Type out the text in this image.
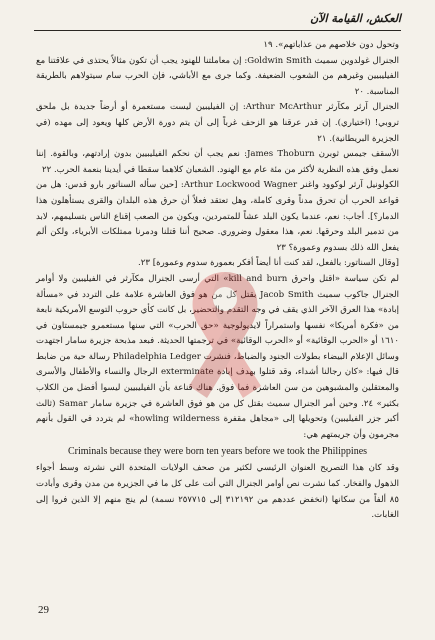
العكش، القيامة الآن

وتحول دون خلاصهم من عذاباتهم». ١٩

الجنرال غولدوين سميث Goldwin Smith: إن معاملتنا للهنود يجب أن تكون مثالاً يحتذى في علاقتنا مع الفيليبيين وغيرهم من الشعوب الضعيفة. وكما جرى مع الأباشي، فإن الحرب سام سيتولاهم بالطريقة المناسبة. ٢٠

الجنرال آرثر مكآرثر Arthur McArthur: إن الفيليبين ليست مستعمرة أو أرضاً جديدة بل ملحق تروبي! (اختياري). إن قدر عرقنا هو الزحف غرباً إلى أن يتم دورة الأرض كلها ويعود إلى مهده (في الجزيرة البريطانية). ٢١

الأسقف جيمس ثوبرن James Thoburn: نعم يجب أن نحكم الفيليبيين بدون إرادتهم، وبالقوة. إننا نعمل وفق هذه النظرية لأكثر من مئة عام مع الهنود. الشعبان كلاهما سقطا في أيدينا بنعمة الحرب. ٢٢

الكولونيل آرثر لوكوود واغنر Arthur Lockwood Wagner: [حين سأله السناتور بارو قدس: هل من قواعد الحرب أن تحرق مدناً وقرى كاملة، وهل تعتقد فعلاً أن حرق هذه البلدان والقرى يستأهلون هذا الدمار؟]. أجاب: نعم، عندما يكون البلد عشاً للمتمردين، ويكون من الصعب إقناع الناس بتسليمهم، لابد من تدمير البلد وحرقها. نعم، هذا معقول وضروري. صحيح أننا قتلنا ودمرنا ممتلكات الأبرياء، ولكن ألم يفعل الله ذلك بسدوم وعمورة؟ ٢٣

[وقال السناتور: بالفعل، لقد كنت أنا أيضاً أفكر بعمورة سدوم وعمورة] ٢٣.

لم تكن سياسة «اقتل واحرق kill and burn» التي أرسى الجنرال مكآرثر في الفيليبين ولا أوامر الجنرال جاكوب سميث Jacob Smith بقتل كل من هو فوق العاشرة علامة على التردد في «مسألة إبادة» هذا العرق الآخر الذي يقف في وجه التقدم والتحضير، بل كانت كأي حروب التوسع الأمريكية نابعة من «فكرة أمريكا» نفسها واستمراراً لايديولوجية «حق الحرب» التي سنها مستعمرو جيمستاون في ١٦١٠ أو «الحرب الوقائية» أو «الحرب الوقائية» في ترجمتها الحديثة. فبعد مذبحة جزيرة سامار اجتهدت وسائل الإعلام البيضاء بطولات الجنود والضباط، فنشرت Philadelphia Ledger رسالة حية من ضابط قال فيها: «كان رجالنا أشداء، وقد قتلوا بهدف إبادة exterminate الرجال والنساء والأطفال والأسرى والمعتقلين والمشبوهين من سن العاشرة فما فوق. هناك قناعة بأن الفيليبيين ليسوا أفضل من الكلاب بكثير» ٢٤. وحين أمر الجنرال سميث بقتل كل من هو فوق العاشرة في جزيرة سامار Samar (ثالث أكبر جزر الفيليبين) وتحويلها إلى «مجاهل مقفرة howling wilderness» لم يتردد في القول بأنهم مجرمون وأن جريمتهم هي:

Criminals because they were born ten years before we took the Philippines

وقد كان هذا التصريح العنوان الرئيسي لكثير من صحف الولايات المتحدة التي نشرته وسط أجواء الذهول والفخار. كما نشرت نص أوامر الجنرال التي أتت على كل ما في الجزيرة من مدن وقرى وأبادت ٨٥ ألفاً من سكانها (انخفض عددهم من ٣١٢١٩٢ إلى ٢٥٧٧١٥ نسمة) لم ينج منهم إلا الذين فروا إلى الغابات.

29
